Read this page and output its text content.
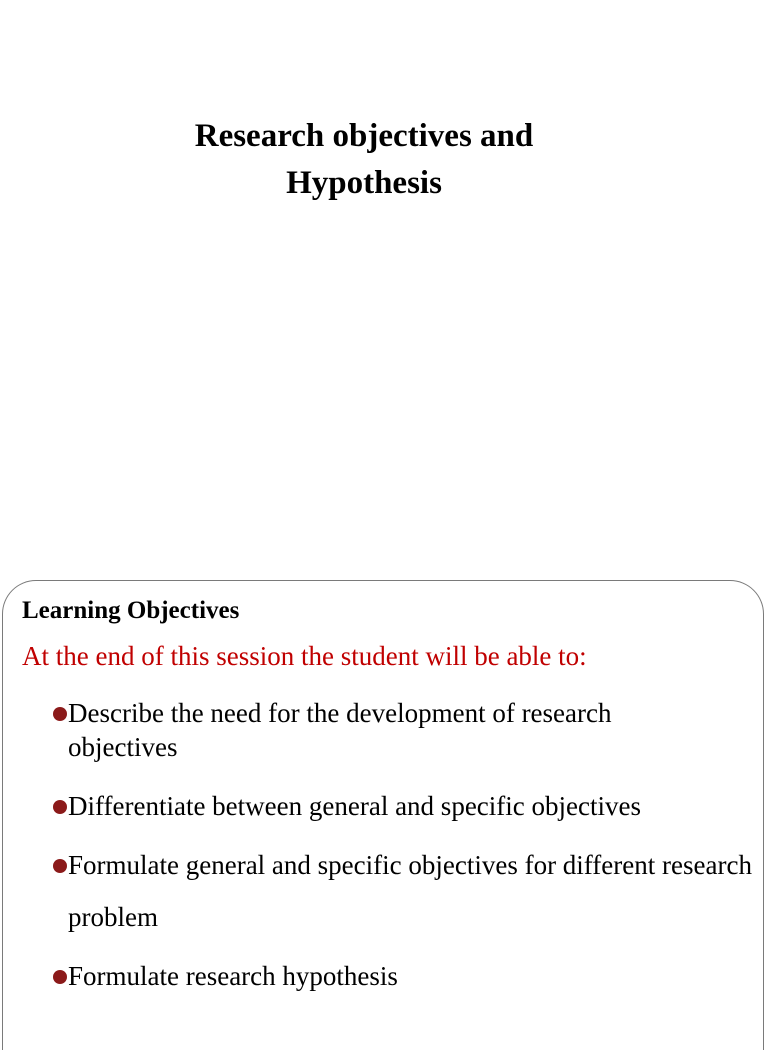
Research objectives and
Hypothesis
Learning Objectives
At the end of this session the student will be able to:
Describe the need for the development of research
objectives
Differentiate between general and specific objectives
Formulate general and specific objectives for different research
problem
Formulate research hypothesis
